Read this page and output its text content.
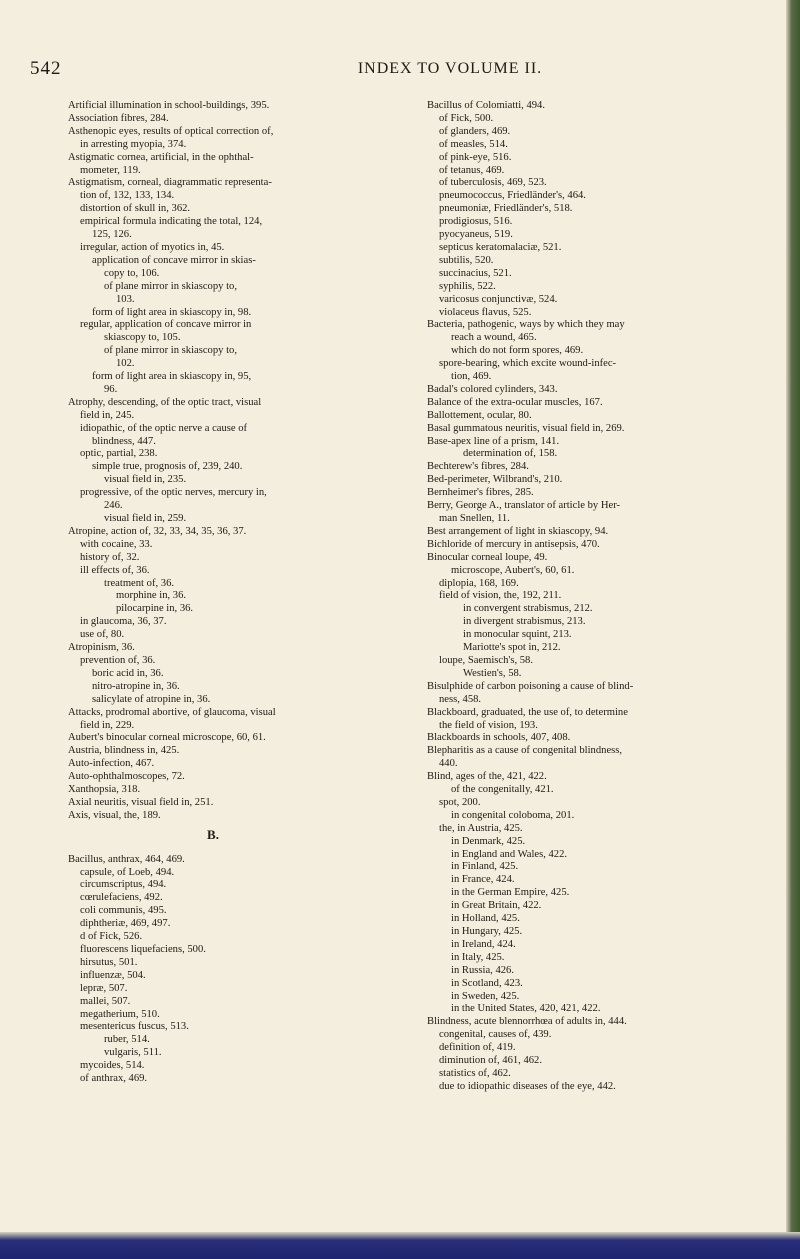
542	INDEX TO VOLUME II.
Artificial illumination in school-buildings, 395.
Association fibres, 284.
Asthenopic eyes, results of optical correction of,
in arresting myopia, 374.
Astigmatic cornea, artificial, in the ophthal-
mometer, 119.
Astigmatism, corneal, diagrammatic representa-
tion of, 132, 133, 134.
distortion of skull in, 362.
empirical formula indicating the total, 124,
125, 126.
irregular, action of myotics in, 45.
application of concave mirror in skias-
copy to, 106.
of plane mirror in skiascopy to,
103.
form of light area in skiascopy in, 98.
regular, application of concave mirror in
skiascopy to, 105.
of plane mirror in skiascopy to,
102.
form of light area in skiascopy in, 95,
96.
Atrophy, descending, of the optic tract, visual
field in, 245.
idiopathic, of the optic nerve a cause of
blindness, 447.
optic, partial, 238.
simple true, prognosis of, 239, 240.
visual field in, 235.
progressive, of the optic nerves, mercury in,
246.
visual field in, 259.
Atropine, action of, 32, 33, 34, 35, 36, 37.
with cocaine, 33.
history of, 32.
ill effects of, 36.
treatment of, 36.
morphine in, 36.
pilocarpine in, 36.
in glaucoma, 36, 37.
use of, 80.
Atropinism, 36.
prevention of, 36.
boric acid in, 36.
nitro-atropine in, 36.
salicylate of atropine in, 36.
Attacks, prodromal abortive, of glaucoma, visual
field in, 229.
Aubert's binocular corneal microscope, 60, 61.
Austria, blindness in, 425.
Auto-infection, 467.
Auto-ophthalmoscopes, 72.
Xanthopsia, 318.
Axial neuritis, visual field in, 251.
Axis, visual, the, 189.
B.
Bacillus, anthrax, 464, 469.
capsule, of Loeb, 494.
circumscriptus, 494.
cœrulefaciens, 492.
coli communis, 495.
diphtheriæ, 469, 497.
d of Fick, 526.
fluorescens liquefaciens, 500.
hirsutus, 501.
influenzæ, 504.
lepræ, 507.
mallei, 507.
megatherium, 510.
mesentericus fuscus, 513.
ruber, 514.
vulgaris, 511.
mycoides, 514.
of anthrax, 469.
Bacillus of Colomiatti, 494.
of Fick, 500.
of glanders, 469.
of measles, 514.
of pink-eye, 516.
of tetanus, 469.
of tuberculosis, 469, 523.
pneumococcus, Friedländer's, 464.
pneumoniæ, Friedländer's, 518.
prodigiosus, 516.
pyocyaneus, 519.
septicus keratomalaciæ, 521.
subtilis, 520.
succinacius, 521.
syphilis, 522.
varicosus conjunctivæ, 524.
violaceus flavus, 525.
Bacteria, pathogenic, ways by which they may
reach a wound, 465.
which do not form spores, 469.
spore-bearing, which excite wound-infec-
tion, 469.
Badal's colored cylinders, 343.
Balance of the extra-ocular muscles, 167.
Ballottement, ocular, 80.
Basal gummatous neuritis, visual field in, 269.
Base-apex line of a prism, 141.
determination of, 158.
Bechterew's fibres, 284.
Bed-perimeter, Wilbrand's, 210.
Bernheimer's fibres, 285.
Berry, George A., translator of article by Her-
man Snellen, 11.
Best arrangement of light in skiascopy, 94.
Bichloride of mercury in antisepsis, 470.
Binocular corneal loupe, 49.
microscope, Aubert's, 60, 61.
diplopia, 168, 169.
field of vision, the, 192, 211.
in convergent strabismus, 212.
in divergent strabismus, 213.
in monocular squint, 213.
Mariotte's spot in, 212.
loupe, Saemisch's, 58.
Westien's, 58.
Bisulphide of carbon poisoning a cause of blind-
ness, 458.
Blackboard, graduated, the use of, to determine
the field of vision, 193.
Blackboards in schools, 407, 408.
Blepharitis as a cause of congenital blindness,
440.
Blind, ages of the, 421, 422.
of the congenitally, 421.
spot, 200.
in congenital coloboma, 201.
the, in Austria, 425.
in Denmark, 425.
in England and Wales, 422.
in Finland, 425.
in France, 424.
in the German Empire, 425.
in Great Britain, 422.
in Holland, 425.
in Hungary, 425.
in Ireland, 424.
in Italy, 425.
in Russia, 426.
in Scotland, 423.
in Sweden, 425.
in the United States, 420, 421, 422.
Blindness, acute blennorrhœa of adults in, 444.
congenital, causes of, 439.
definition of, 419.
diminution of, 461, 462.
statistics of, 462.
due to idiopathic diseases of the eye, 442.
